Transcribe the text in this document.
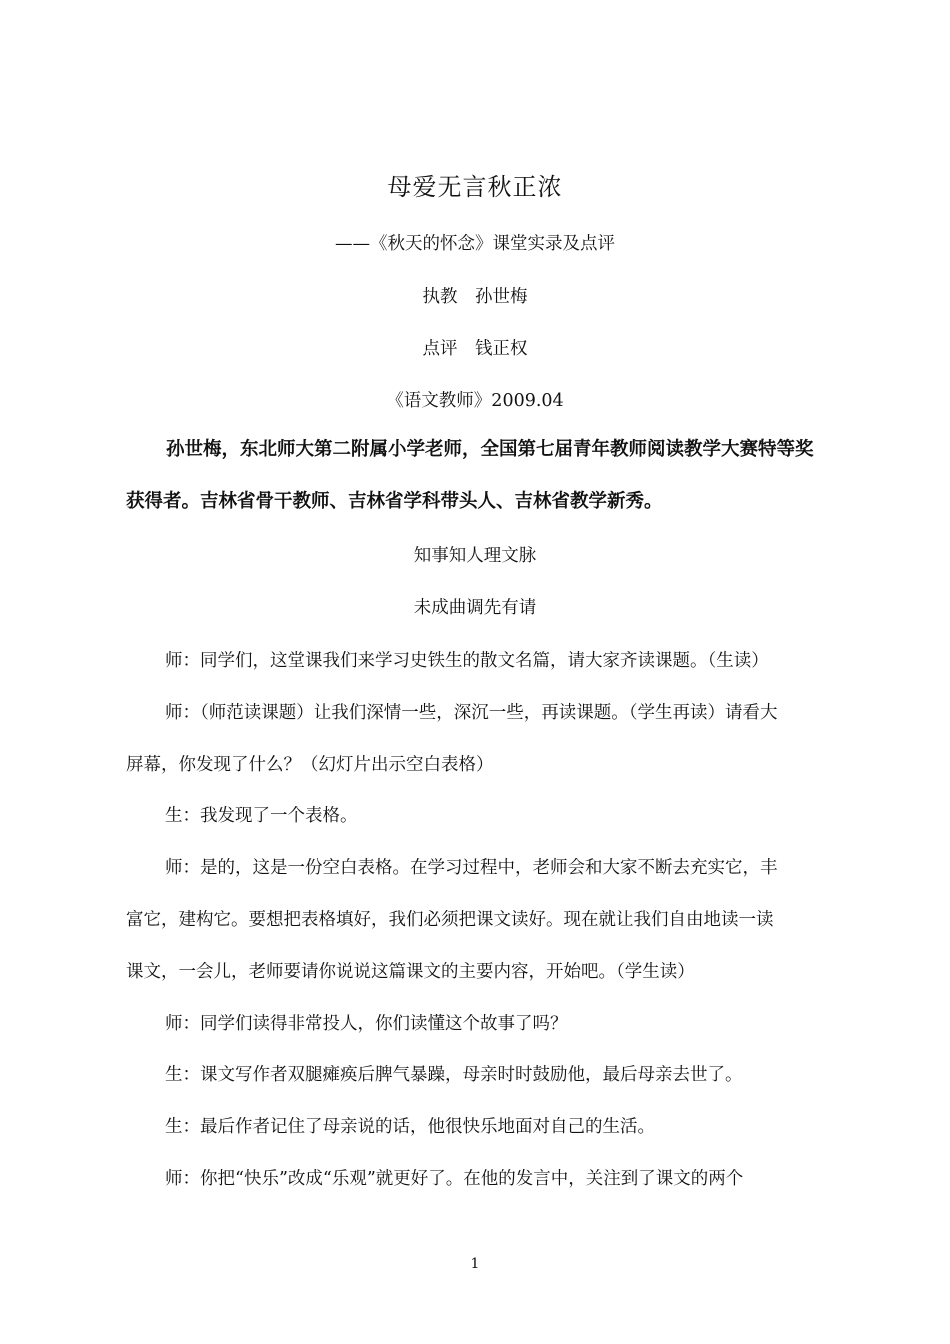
母爱无言秋正浓
——《秋天的怀念》课堂实录及点评
执教　孙世梅
点评　钱正权
《语文教师》2009.04
孙世梅，东北师大第二附属小学老师，全国第七届青年教师阅读教学大赛特等奖
获得者。吉林省骨干教师、吉林省学科带头人、吉林省教学新秀。
知事知人理文脉
未成曲调先有请
师：同学们，这堂课我们来学习史铁生的散文名篇，请大家齐读课题。（生读）
师：（师范读课题）让我们深情一些，深沉一些，再读课题。（学生再读）请看大
屏幕，你发现了什么？（幻灯片出示空白表格）
生：我发现了一个表格。
师：是的，这是一份空白表格。在学习过程中，老师会和大家不断去充实它，丰
富它，建构它。要想把表格填好，我们必须把课文读好。现在就让我们自由地读一读
课文，一会儿，老师要请你说说这篇课文的主要内容，开始吧。（学生读）
师：同学们读得非常投人，你们读懂这个故事了吗？
生：课文写作者双腿瘫痪后脾气暴躁，母亲时时鼓励他，最后母亲去世了。
生：最后作者记住了母亲说的话，他很快乐地面对自己的生活。
师：你把“快乐”改成“乐观”就更好了。在他的发言中，关注到了课文的两个
1
